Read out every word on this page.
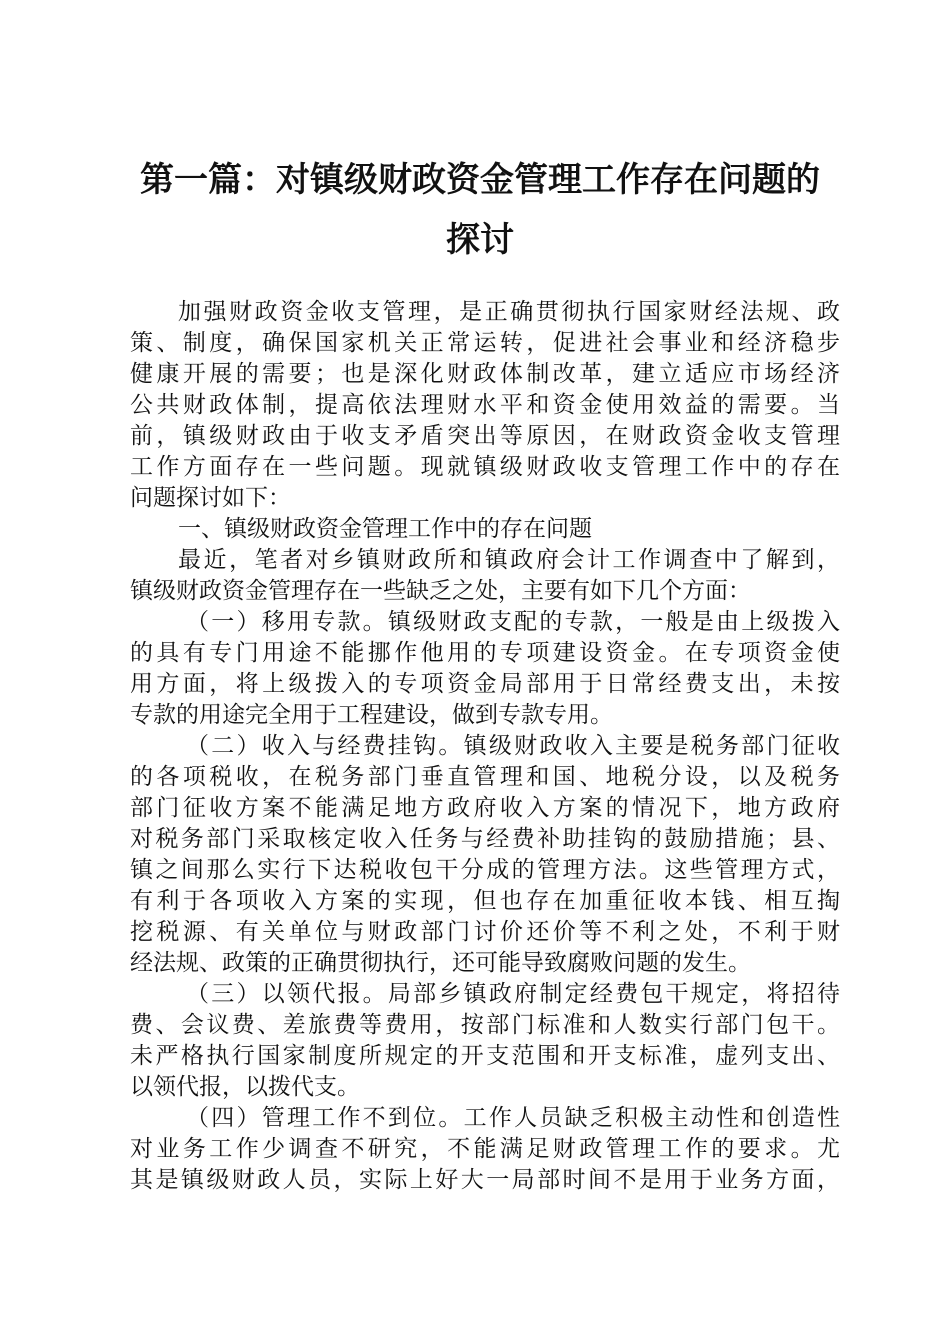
第一篇：对镇级财政资金管理工作存在问题的
探讨
加强财政资金收支管理，是正确贯彻执行国家财经法规、政
策、制度，确保国家机关正常运转，促进社会事业和经济稳步
健康开展的需要；也是深化财政体制改革，建立适应市场经济
公共财政体制，提高依法理财水平和资金使用效益的需要。当
前，镇级财政由于收支矛盾突出等原因，在财政资金收支管理
工作方面存在一些问题。现就镇级财政收支管理工作中的存在
问题探讨如下：
一、镇级财政资金管理工作中的存在问题
最近，笔者对乡镇财政所和镇政府会计工作调查中了解到，
镇级财政资金管理存在一些缺乏之处，主要有如下几个方面：
（一）移用专款。镇级财政支配的专款，一般是由上级拨入
的具有专门用途不能挪作他用的专项建设资金。在专项资金使
用方面，将上级拨入的专项资金局部用于日常经费支出，未按
专款的用途完全用于工程建设，做到专款专用。
（二）收入与经费挂钩。镇级财政收入主要是税务部门征收
的各项税收，在税务部门垂直管理和国、地税分设，以及税务
部门征收方案不能满足地方政府收入方案的情况下，地方政府
对税务部门采取核定收入任务与经费补助挂钩的鼓励措施；县、
镇之间那么实行下达税收包干分成的管理方法。这些管理方式，
有利于各项收入方案的实现，但也存在加重征收本钱、相互掏
挖税源、有关单位与财政部门讨价还价等不利之处，不利于财
经法规、政策的正确贯彻执行，还可能导致腐败问题的发生。
（三）以领代报。局部乡镇政府制定经费包干规定，将招待
费、会议费、差旅费等费用，按部门标准和人数实行部门包干。
未严格执行国家制度所规定的开支范围和开支标准，虚列支出、
以领代报，以拨代支。
（四）管理工作不到位。工作人员缺乏积极主动性和创造性
对业务工作少调查不研究，不能满足财政管理工作的要求。尤
其是镇级财政人员，实际上好大一局部时间不是用于业务方面，
